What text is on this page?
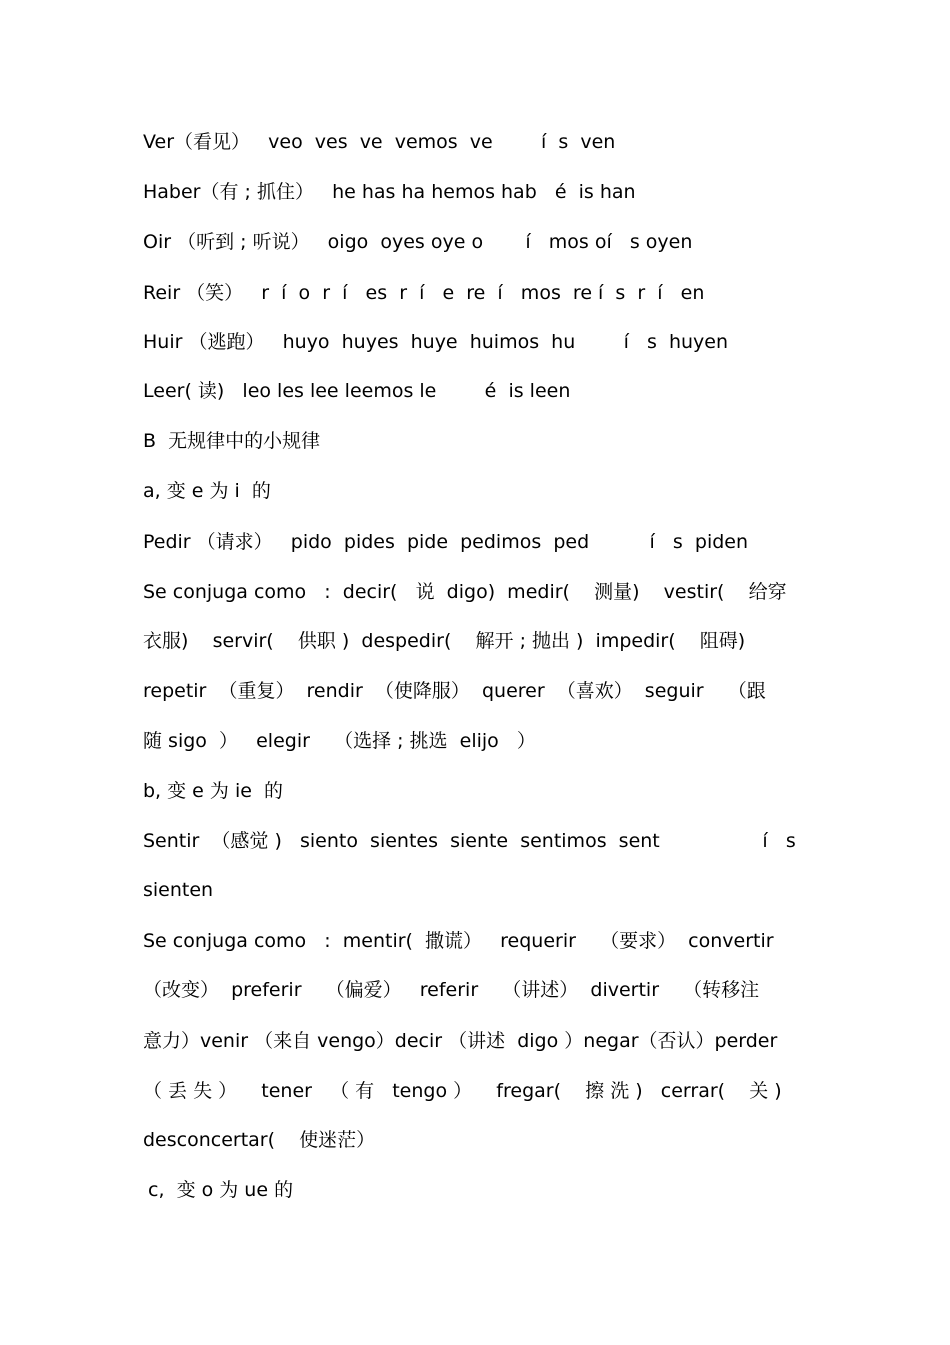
Ver（看见）   veo  ves  ve  vemos  ve        í  s  ven
Haber（有 ; 抓住）   he has ha hemos hab   é  is han
Oir （听到 ; 听说）   oigo  oyes oye o       í   mos oí   s oyen
Reir （笑）   r  í  o  r  í   es  r  í   e  re  í   mos  re í  s  r  í   en
Huir （逃跑）   huyo  huyes  huye  huimos  hu        í   s  huyen
Leer( 读)   leo les lee leemos le        é  is leen
B  无规律中的小规律
a, 变 e 为 i  的
Pedir （请求）   pido  pides  pide  pedimos  ped          í   s  piden
Se conjuga como   :  decir(   说  digo)  medir(    测量)    vestir(    给穿
衣服)    servir(    供职 )  despedir(    解开 ; 抛出 )  impedir(    阻碍)
repetir  （重复）  rendir  （使降服）  querer  （喜欢）  seguir    （跟
随 sigo  ）   elegir    （选择 ; 挑选  elijo   ）
b, 变 e 为 ie  的
Sentir  （感觉 )   siento  sientes  siente  sentimos  sent                 í   s
sienten
Se conjuga como   :  mentir(  撒谎）   requerir    （要求）  convertir
（改变）  preferir    （偏爱）   referir    （讲述）  divertir    （转移注
意力）venir （来自 vengo）decir （讲述  digo ）negar（否认）perder
（ 丢 失 ）    tener   （ 有   tengo ）    fregar(    擦 洗 )   cerrar(    关 )
desconcertar(    使迷茫）
c,  变 o 为 ue 的
